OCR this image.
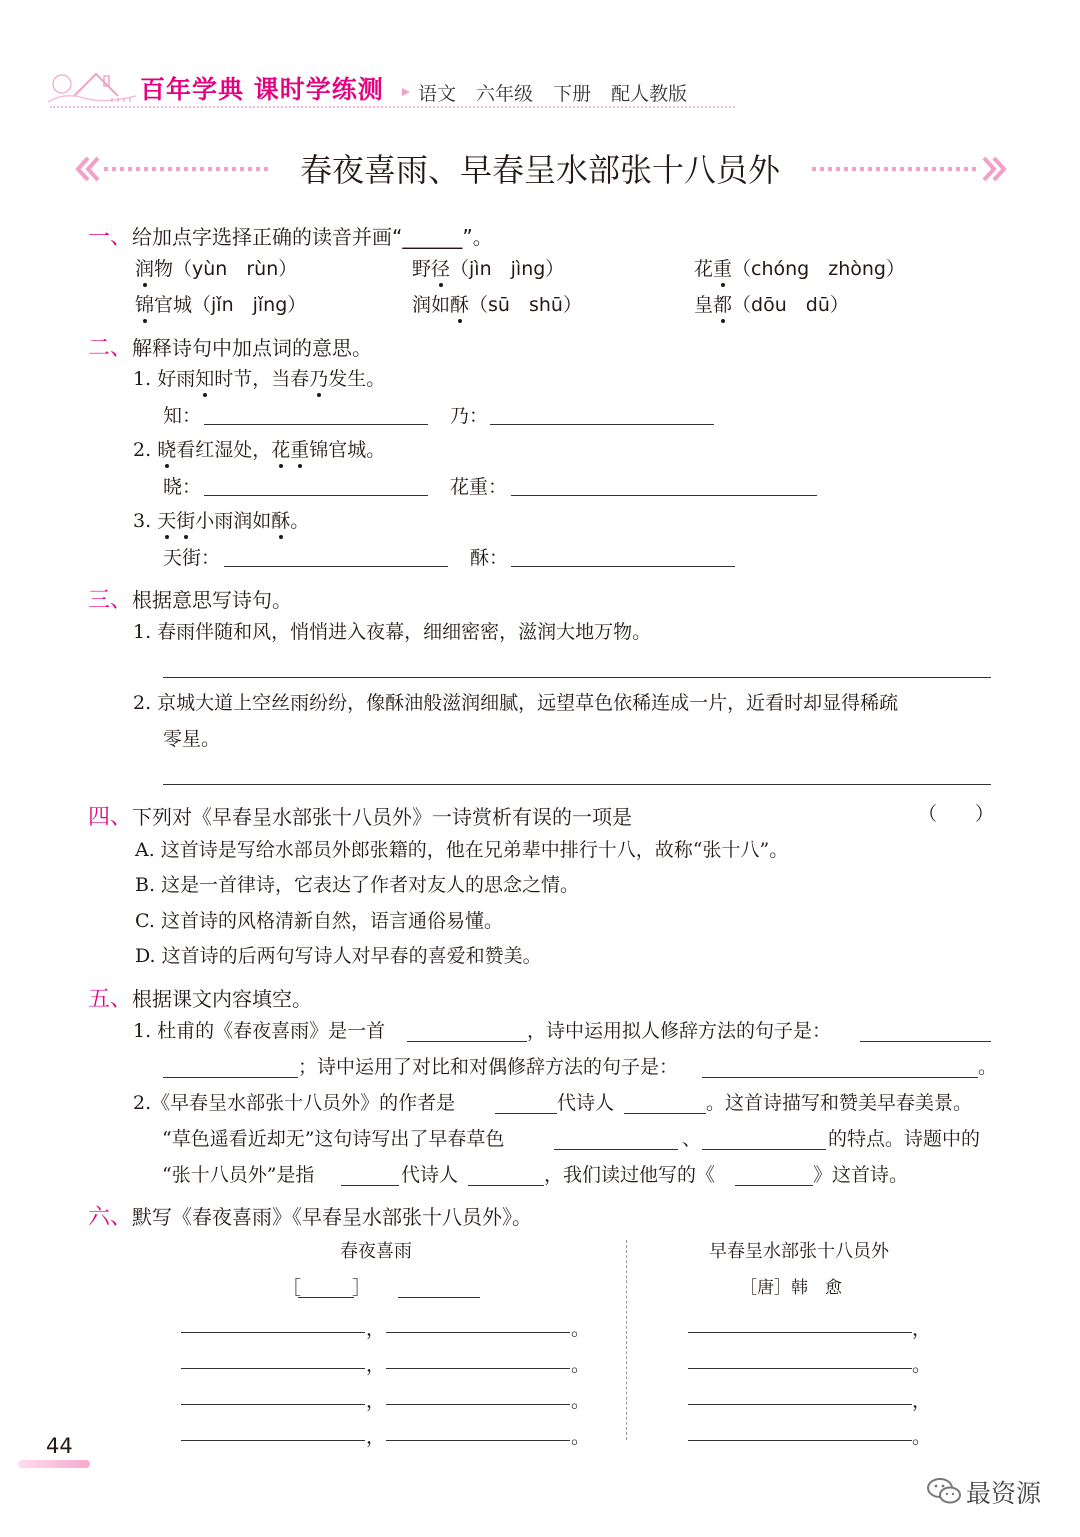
百年学典 课时学练测 语文 六年级 下册 配人教版
春夜喜雨、早春呈水部张十八员外
一、给加点字选择正确的读音并画“______”。
润物（yùn　rùn）	野径（jìn　jìng）	花重（chóng　zhòng）
锦官城（jǐn　jǐng）	润如酥（sū　shū）	皇都（dōu　dū）
二、解释诗句中加点词的意思。
1. 好雨知时节，当春乃发生。
知：	乃：
2. 晓看红湿处，花重锦官城。
晓：	花重：
3. 天街小雨润如酥。
天街：	酥：
三、根据意思写诗句。
1. 春雨伴随和风，悄悄进入夜幕，细细密密，滋润大地万物。
2. 京城大道上空丝雨纷纷，像酥油般滋润细腻，远望草色依稀连成一片，近看时却显得稀疏
零星。
四、下列对《早春呈水部张十八员外》一诗赏析有误的一项是	（　　）
A. 这首诗是写给水部员外郎张籍的，他在兄弟辈中排行十八，故称“张十八”。
B. 这是一首律诗，它表达了作者对友人的思念之情。
C. 这首诗的风格清新自然，语言通俗易懂。
D. 这首诗的后两句写诗人对早春的喜爱和赞美。
五、根据课文内容填空。
1. 杜甫的《春夜喜雨》是一首	，诗中运用拟人修辞方法的句子是：
；诗中运用了对比和对偶修辞方法的句子是：	。
2.《早春呈水部张十八员外》的作者是	代诗人	。这首诗描写和赞美早春美景。
“草色遥看近却无”这句诗写出了早春草色	、	的特点。诗题中的
“张十八员外”是指	代诗人	，我们读过他写的《	》这首诗。
六、默写《春夜喜雨》《早春呈水部张十八员外》。
春夜喜雨
［	］
，	。
，	。
，	。
，	。
早春呈水部张十八员外
［唐］韩　愈
，
。
，
。
44
最资源
